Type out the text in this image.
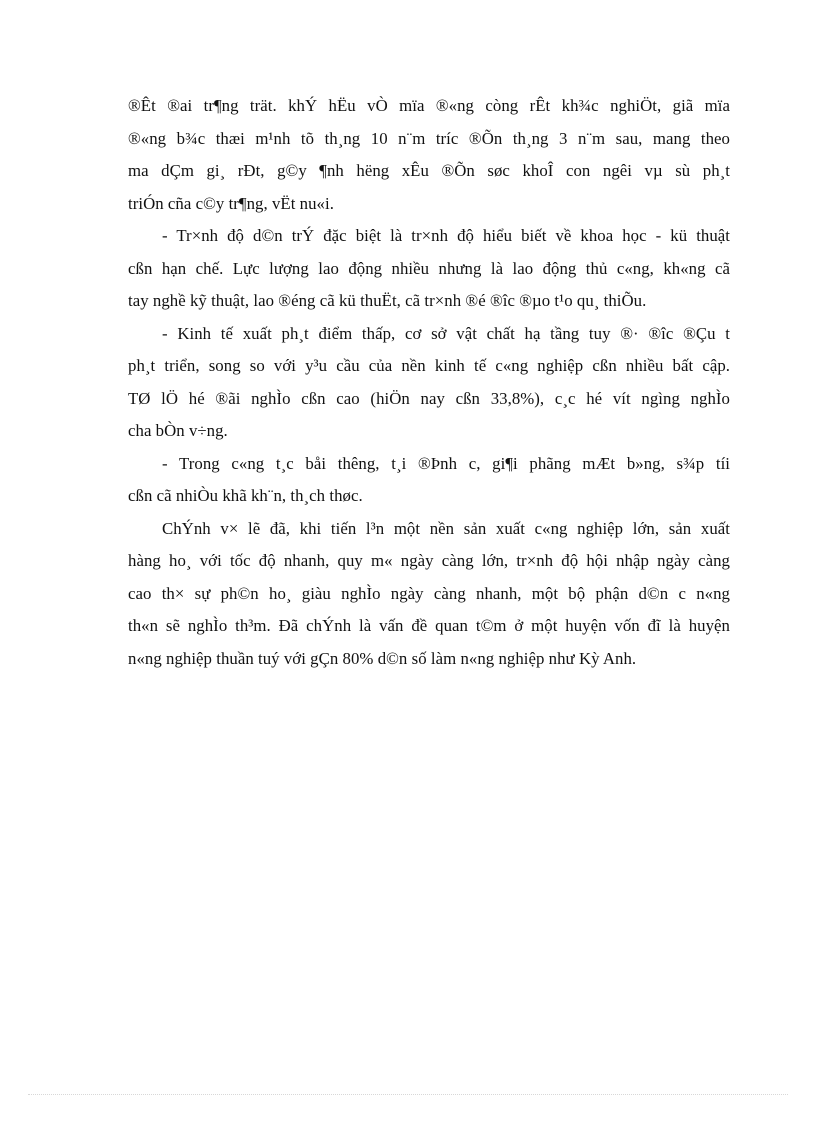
®Êt ®ai tr¶ng trät. khÝ hËu vÒ mïa ®«ng còng rÊt kh¾c nghiÖt, giã mïa
®«ng b¾c thæi m¹nh tõ th¸ng 10 n¨m tríc ®Õn th¸ng 3 n¨m sau, mang theo
ma dÇm gi¸ rÐt, g©y ¶nh hëng xÊu ®Õn søc khoÎ con ngêi vµ sù ph¸t
triÓn cña c©y tr¶ng, vËt nu«i.
- Tr×nh độ d©n trÝ đặc biệt là tr×nh độ hiểu biết về khoa học - kü thuật
cßn hạn chế. Lực lượng lao động nhiều nhưng là lao động thủ c«ng, kh«ng cã
tay nghề kỹ thuật, lao ®éng cã kü thuËt, cã tr×nh ®é ®îc ®µo t¹o qu¸ thiÕu.
- Kinh tế xuất ph¸t điểm thấp, cơ sở vật chất hạ tầng tuy ®· ®îc ®Çu t
ph¸t triển, song so với y³u cầu của nền kinh tế c«ng nghiệp cßn nhiều bất cập.
TØ lÖ hé ®ãi nghÌo cßn cao (hiÖn nay cßn 33,8%), c¸c hé vít ngìng nghÌo
cha bÒn v÷ng.
- Trong c«ng t¸c båi thêng, t¸i ®Þnh c, gi¶i phãng mÆt b»ng, s¾p tíi
cßn cã nhiÒu khã kh¨n, th¸ch thøc.
ChÝnh v× lẽ đã, khi tiến l³n một nền sản xuất c«ng nghiệp lớn, sản xuất
hàng ho¸ với tốc độ nhanh, quy m« ngày càng lớn, tr×nh độ hội nhập ngày càng
cao th× sự ph©n ho¸ giàu nghÌo ngày càng nhanh, một bộ phận d©n c n«ng
th«n sẽ nghÌo th³m. Đã chÝnh là vấn đề quan t©m ở một huyện vốn đĩ là huyện
n«ng nghiệp thuần tuý với gÇn 80% d©n số làm n«ng nghiệp như Kỳ Anh.
